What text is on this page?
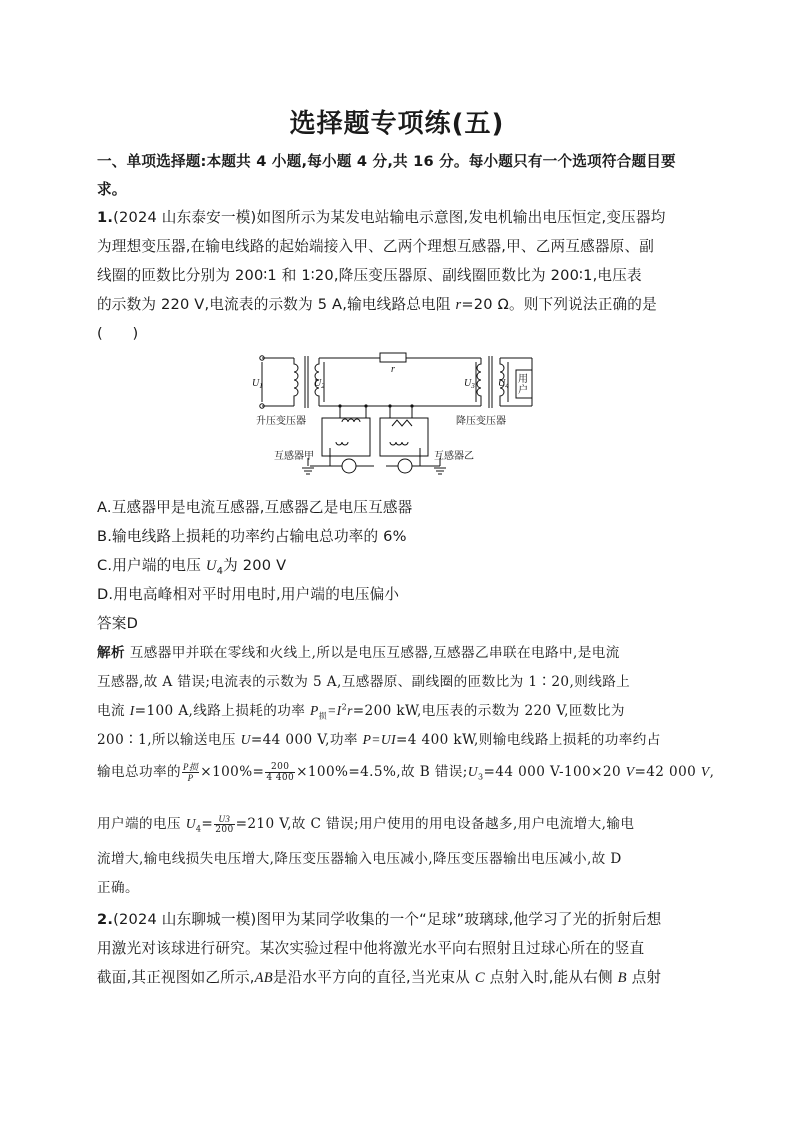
选择题专项练(五)
一、单项选择题:本题共 4 小题,每小题 4 分,共 16 分。每小题只有一个选项符合题目要
求。
1.(2024 山东泰安一模)如图所示为某发电站输电示意图,发电机输出电压恒定,变压器均
为理想变压器,在输电线路的起始端接入甲、乙两个理想互感器,甲、乙两互感器原、副
线圈的匝数比分别为 200∶1 和 1∶20,降压变压器原、副线圈匝数比为 200∶1,电压表
的示数为 220 V,电流表的示数为 5 A,输电线路总电阻 r=20 Ω。则下列说法正确的是
(　　)
$U_1$	$U_2$	$U_3$ $U_4$
r
用
户
升压变压器	降压变压器
互感器甲	互感器乙
A.互感器甲是电流互感器,互感器乙是电压互感器
B.输电线路上损耗的功率约占输电总功率的 6%
C.用户端的电压 $U_4$为 200 V
D.用电高峰相对平时用电时,用户端的电压偏小
答案D
解析 互感器甲并联在零线和火线上,所以是电压互感器,互感器乙串联在电路中,是电流
互感器,故 A 错误;电流表的示数为 5 A,互感器原、副线圈的匝数比为 1∶20,则线路上
电流 I=100 A,线路上损耗的功率 $P_损=I^2r=200$ kW,电压表的示数为 220 V,匝数比为
200∶1,所以输送电压 U=44 000 V,功率 P=UI=4 400 kW,则输电线路上损耗的功率约占
输电总功率的 $\frac{\text{P损}}{P} \times 100\%= \frac{200}{4 400} \times 100\%=4.5\%$,故 B 错误$;U_3=44$ 000 V-100×20 V=42 000 V,
用户端的电压 $U_4= \frac{U3}{200} =210$ V,故 C 错误;用户使用的用电设备越多,用户电流增大,输电
流增大,输电线损失电压增大,降压变压器输入电压减小,降压变压器输出电压减小,故 D
正确。
2.(2024 山东聊城一模)图甲为某同学收集的一个“足球”玻璃球,他学习了光的折射后想
用激光对该球进行研究。某次实验过程中他将激光水平向右照射且过球心所在的竖直
截面,其正视图如乙所示,AB是沿水平方向的直径,当光束从 C 点射入时,能从右侧 B 点射
